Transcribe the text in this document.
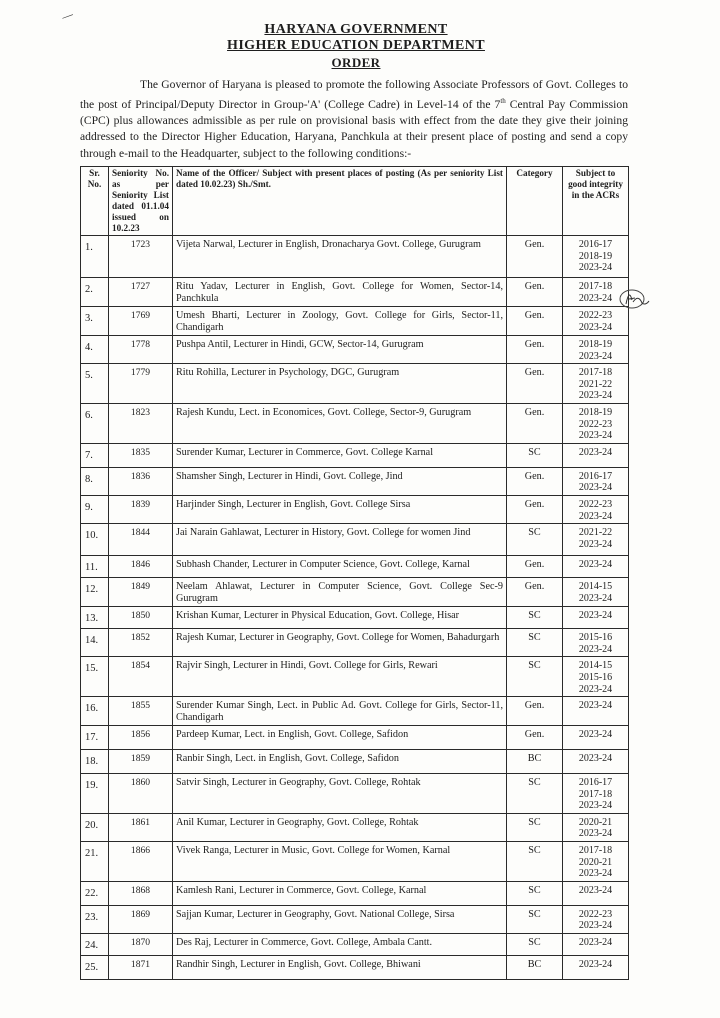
—
HARYANA GOVERNMENT
HIGHER EDUCATION DEPARTMENT
ORDER
The Governor of Haryana is pleased to promote the following Associate Professors of Govt. Colleges to the post of Principal/Deputy Director in Group-'A' (College Cadre) in Level-14 of the 7th Central Pay Commission (CPC) plus allowances admissible as per rule on provisional basis with effect from the date they give their joining addressed to the Director Higher Education, Haryana, Panchkula at their present place of posting and send a copy through e-mail to the Headquarter, subject to the following conditions:-
Sr. No.	Seniority No. as per Seniority List dated 01.1.04 issued on 10.2.23	Name of the Officer/ Subject with present places of posting (As per seniority List dated 10.02.23) Sh./Smt.	Category	Subject to good integrity in the ACRs
1.	1723	Vijeta Narwal, Lecturer in English, Dronacharya Govt. College, Gurugram	Gen.	2016-17
2018-19
2023-24

2.	1727	Ritu Yadav, Lecturer in English, Govt. College for Women, Sector-14, Panchkula	Gen.	2017-18
2023-24

3.	1769	Umesh Bharti, Lecturer in Zoology, Govt. College for Girls, Sector-11, Chandigarh	Gen.	2022-23
2023-24

4.	1778	Pushpa Antil, Lecturer in Hindi, GCW, Sector-14, Gurugram	Gen.	2018-19
2023-24

5.	1779	Ritu Rohilla, Lecturer in Psychology, DGC, Gurugram	Gen.	2017-18
2021-22
2023-24

6.	1823	Rajesh Kundu, Lect. in Economices, Govt. College, Sector-9, Gurugram	Gen.	2018-19
2022-23
2023-24

7.	1835	Surender Kumar, Lecturer in Commerce, Govt. College Karnal	SC	2023-24

8.	1836	Shamsher Singh, Lecturer in Hindi, Govt. College, Jind	Gen.	2016-17
2023-24

9.	1839	Harjinder Singh, Lecturer in English, Govt. College Sirsa	Gen.	2022-23
2023-24

10.	1844	Jai Narain Gahlawat, Lecturer in History, Govt. College for women Jind	SC	2021-22
2023-24

11.	1846	Subhash Chander, Lecturer in Computer Science, Govt. College, Karnal	Gen.	2023-24

12.	1849	Neelam Ahlawat, Lecturer in Computer Science, Govt. College Sec-9 Gurugram	Gen.	2014-15
2023-24

13.	1850	Krishan Kumar, Lecturer in Physical Education, Govt. College, Hisar	SC	2023-24

14.	1852	Rajesh Kumar, Lecturer in Geography, Govt. College for Women, Bahadurgarh	SC	2015-16
2023-24

15.	1854	Rajvir Singh, Lecturer in Hindi, Govt. College for Girls, Rewari	SC	2014-15
2015-16
2023-24

16.	1855	Surender Kumar Singh, Lect. in Public Ad. Govt. College for Girls, Sector-11, Chandigarh	Gen.	2023-24

17.	1856	Pardeep Kumar, Lect. in English, Govt. College, Safidon	Gen.	2023-24

18.	1859	Ranbir Singh, Lect. in English, Govt. College, Safidon	BC	2023-24

19.	1860	Satvir Singh, Lecturer in Geography, Govt. College, Rohtak	SC	2016-17
2017-18
2023-24

20.	1861	Anil Kumar, Lecturer in Geography, Govt. College, Rohtak	SC	2020-21
2023-24

21.	1866	Vivek Ranga, Lecturer in Music, Govt. College for Women, Karnal	SC	2017-18
2020-21
2023-24

22.	1868	Kamlesh Rani, Lecturer in Commerce, Govt. College, Karnal	SC	2023-24

23.	1869	Sajjan Kumar, Lecturer in Geography, Govt. National College, Sirsa	SC	2022-23
2023-24

24.	1870	Des Raj, Lecturer in Commerce, Govt. College, Ambala Cantt.	SC	2023-24

25.	1871	Randhir Singh, Lecturer in English, Govt. College, Bhiwani	BC	2023-24
